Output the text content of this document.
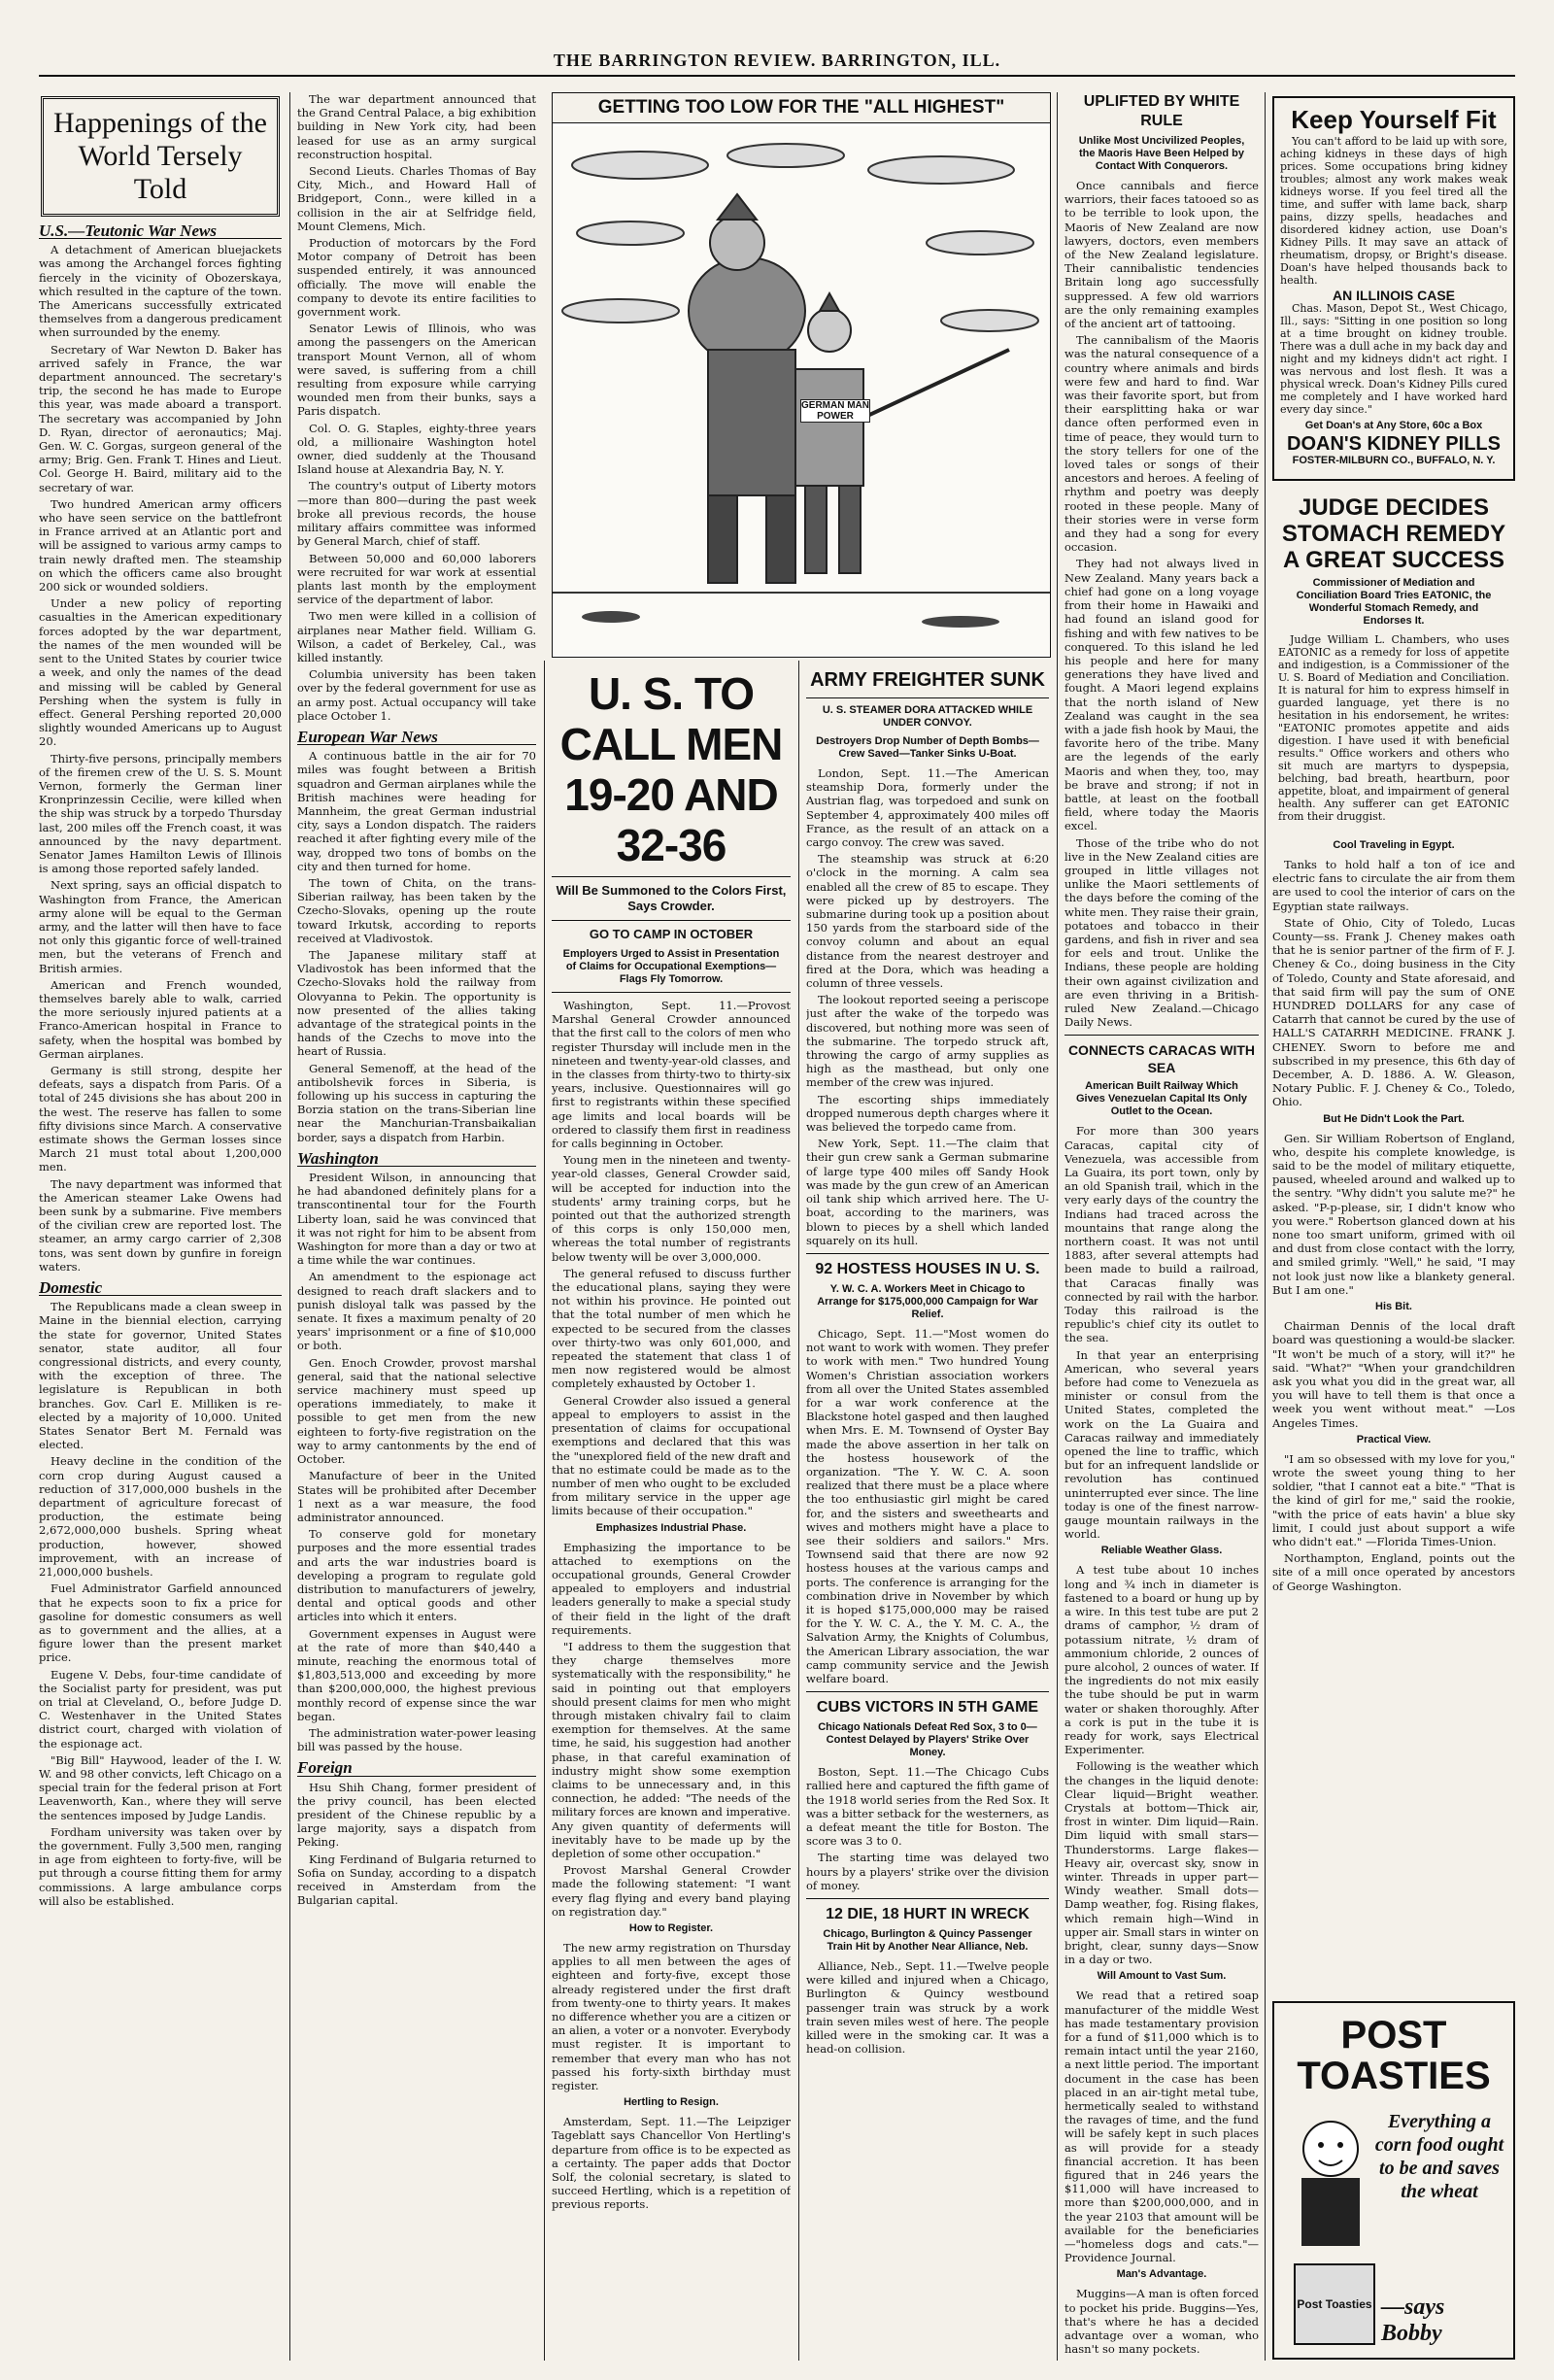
THE BARRINGTON REVIEW. BARRINGTON, ILL.
Happenings of the World Tersely Told
U.S.—Teutonic War News

A detachment of American bluejackets was among the Archangel forces fighting fiercely in the vicinity of Obozerskaya, which resulted in the capture of the town. The Americans successfully extricated themselves from a dangerous predicament when surrounded by the enemy.

Secretary of War Newton D. Baker has arrived safely in France, the war department announced. The secretary's trip, the second he has made to Europe this year, was made aboard a transport. The secretary was accompanied by John D. Ryan, director of aeronautics; Maj. Gen. W. C. Gorgas, surgeon general of the army; Brig. Gen. Frank T. Hines and Lieut. Col. George H. Baird, military aid to the secretary of war.

Two hundred American army officers who have seen service on the battlefront in France arrived at an Atlantic port and will be assigned to various army camps to train newly drafted men. The steamship on which the officers came also brought 200 sick or wounded soldiers.

Under a new policy of reporting casualties in the American expeditionary forces adopted by the war department, the names of the men wounded will be sent to the United States by courier twice a week, and only the names of the dead and missing will be cabled by General Pershing when the system is fully in effect. General Pershing reported 20,000 slightly wounded Americans up to August 20.

Thirty-five persons, principally members of the firemen crew of the U. S. S. Mount Vernon, formerly the German liner Kronprinzessin Cecilie, were killed when the ship was struck by a torpedo Thursday last, 200 miles off the French coast, it was announced by the navy department. Senator James Hamilton Lewis of Illinois is among those reported safely landed.

Next spring, says an official dispatch to Washington from France, the American army alone will be equal to the German army, and the latter will then have to face not only this gigantic force of well-trained men, but the veterans of French and British armies.

American and French wounded, themselves barely able to walk, carried the more seriously injured patients at a Franco-American hospital in France to safety, when the hospital was bombed by German airplanes.

Germany is still strong, despite her defeats, says a dispatch from Paris. Of a total of 245 divisions she has about 200 in the west. The reserve has fallen to some fifty divisions since March. A conservative estimate shows the German losses since March 21 must total about 1,200,000 men.

The navy department was informed that the American steamer Lake Owens had been sunk by a submarine. Five members of the civilian crew are reported lost. The steamer, an army cargo carrier of 2,308 tons, was sent down by gunfire in foreign waters.

Domestic

The Republicans made a clean sweep in Maine in the biennial election, carrying the state for governor, United States senator, state auditor, all four congressional districts, and every county, with the exception of three. The legislature is Republican in both branches. Gov. Carl E. Milliken is re-elected by a majority of 10,000. United States Senator Bert M. Fernald was elected.

Heavy decline in the condition of the corn crop during August caused a reduction of 317,000,000 bushels in the department of agriculture forecast of production, the estimate being 2,672,000,000 bushels. Spring wheat production, however, showed improvement, with an increase of 21,000,000 bushels.

Fuel Administrator Garfield announced that he expects soon to fix a price for gasoline for domestic consumers as well as to government and the allies, at a figure lower than the present market price.

Eugene V. Debs, four-time candidate of the Socialist party for president, was put on trial at Cleveland, O., before Judge D. C. Westenhaver in the United States district court, charged with violation of the espionage act.

"Big Bill" Haywood, leader of the I. W. W. and 98 other convicts, left Chicago on a special train for the federal prison at Fort Leavenworth, Kan., where they will serve the sentences imposed by Judge Landis.

Fordham university was taken over by the government. Fully 3,500 men, ranging in age from eighteen to forty-five, will be put through a course fitting them for army commissions. A large ambulance corps will also be established.

The war department announced that the Grand Central Palace, a big exhibition building in New York city, had been leased for use as an army surgical reconstruction hospital.

Second Lieuts. Charles Thomas of Bay City, Mich., and Howard Hall of Bridgeport, Conn., were killed in a collision in the air at Selfridge field, Mount Clemens, Mich.

Production of motorcars by the Ford Motor company of Detroit has been suspended entirely, it was announced officially. The move will enable the company to devote its entire facilities to government work.

Senator Lewis of Illinois, who was among the passengers on the American transport Mount Vernon, all of whom were saved, is suffering from a chill resulting from exposure while carrying wounded men from their bunks, says a Paris dispatch.

Col. O. G. Staples, eighty-three years old, a millionaire Washington hotel owner, died suddenly at the Thousand Island house at Alexandria Bay, N. Y.

The country's output of Liberty motors—more than 800—during the past week broke all previous records, the house military affairs committee was informed by General March, chief of staff.

Between 50,000 and 60,000 laborers were recruited for war work at essential plants last month by the employment service of the department of labor.

Two men were killed in a collision of airplanes near Mather field. William G. Wilson, a cadet of Berkeley, Cal., was killed instantly.

Columbia university has been taken over by the federal government for use as an army post. Actual occupancy will take place October 1.

European War News

A continuous battle in the air for 70 miles was fought between a British squadron and German airplanes while the British machines were heading for Mannheim, the great German industrial city, says a London dispatch. The raiders reached it after fighting every mile of the way, dropped two tons of bombs on the city and then turned for home.

The town of Chita, on the trans-Siberian railway, has been taken by the Czecho-Slovaks, opening up the route toward Irkutsk, according to reports received at Vladivostok.

The Japanese military staff at Vladivostok has been informed that the Czecho-Slovaks hold the railway from Olovyanna to Pekin. The opportunity is now presented of the allies taking advantage of the strategical points in the hands of the Czechs to move into the heart of Russia.

General Semenoff, at the head of the antibolshevik forces in Siberia, is following up his success in capturing the Borzia station on the trans-Siberian line near the Manchurian-Transbaikalian border, says a dispatch from Harbin.

Washington

President Wilson, in announcing that he had abandoned definitely plans for a transcontinental tour for the Fourth Liberty loan, said he was convinced that it was not right for him to be absent from Washington for more than a day or two at a time while the war continues.

An amendment to the espionage act designed to reach draft slackers and to punish disloyal talk was passed by the senate. It fixes a maximum penalty of 20 years' imprisonment or a fine of $10,000 or both.

Gen. Enoch Crowder, provost marshal general, said that the national selective service machinery must speed up operations immediately, to make it possible to get men from the new eighteen to forty-five registration on the way to army cantonments by the end of October.

Manufacture of beer in the United States will be prohibited after December 1 next as a war measure, the food administrator announced.

To conserve gold for monetary purposes and the more essential trades and arts the war industries board is developing a program to regulate gold distribution to manufacturers of jewelry, dental and optical goods and other articles into which it enters.

Government expenses in August were at the rate of more than $40,440 a minute, reaching the enormous total of $1,803,513,000 and exceeding by more than $200,000,000, the highest previous monthly record of expense since the war began.

The administration water-power leasing bill was passed by the house.

Foreign

Hsu Shih Chang, former president of the privy council, has been elected president of the Chinese republic by a large majority, says a dispatch from Peking.

King Ferdinand of Bulgaria returned to Sofia on Sunday, according to a dispatch received in Amsterdam from the Bulgarian capital.

GETTING TOO LOW FOR THE "ALL HIGHEST"
GERMAN MAN POWER
U. S. TO CALL MEN 19-20 AND 32-36
Will Be Summoned to the Colors First, Says Crowder.
GO TO CAMP IN OCTOBER
Employers Urged to Assist in Presentation of Claims for Occupational Exemptions—Flags Fly Tomorrow.

Washington, Sept. 11.—Provost Marshal General Crowder announced that the first call to the colors of men who register Thursday will include men in the nineteen and twenty-year-old classes, and in the classes from thirty-two to thirty-six years, inclusive. Questionnaires will go first to registrants within these specified age limits and local boards will be ordered to classify them first in readiness for calls beginning in October.

Young men in the nineteen and twenty-year-old classes, General Crowder said, will be accepted for induction into the students' army training corps, but he pointed out that the authorized strength of this corps is only 150,000 men, whereas the total number of registrants below twenty will be over 3,000,000.

The general refused to discuss further the educational plans, saying they were not within his province. He pointed out that the total number of men which he expected to be secured from the classes over thirty-two was only 601,000, and repeated the statement that class 1 of men now registered would be almost completely exhausted by October 1.

General Crowder also issued a general appeal to employers to assist in the presentation of claims for occupational exemptions and declared that this was the "unexplored field of the new draft and that no estimate could be made as to the number of men who ought to be excluded from military service in the upper age limits because of their occupation."

Emphasizes Industrial Phase.

Emphasizing the importance to be attached to exemptions on the occupational grounds, General Crowder appealed to employers and industrial leaders generally to make a special study of their field in the light of the draft requirements.

"I address to them the suggestion that they charge themselves more systematically with the responsibility," he said in pointing out that employers should present claims for men who might through mistaken chivalry fail to claim exemption for themselves. At the same time, he said, his suggestion had another phase, in that careful examination of industry might show some exemption claims to be unnecessary and, in this connection, he added: "The needs of the military forces are known and imperative. Any given quantity of deferments will inevitably have to be made up by the depletion of some other occupation."

Provost Marshal General Crowder made the following statement: "I want every flag flying and every band playing on registration day."

How to Register.

The new army registration on Thursday applies to all men between the ages of eighteen and forty-five, except those already registered under the first draft from twenty-one to thirty years. It makes no difference whether you are a citizen or an alien, a voter or a nonvoter. Everybody must register. It is important to remember that every man who has not passed his forty-sixth birthday must register.

Hertling to Resign.

Amsterdam, Sept. 11.—The Leipziger Tageblatt says Chancellor Von Hertling's departure from office is to be expected as a certainty. The paper adds that Doctor Solf, the colonial secretary, is slated to succeed Hertling, which is a repetition of previous reports.

ARMY FREIGHTER SUNK
U. S. STEAMER DORA ATTACKED WHILE UNDER CONVOY.
Destroyers Drop Number of Depth Bombs—Crew Saved—Tanker Sinks U-Boat.

London, Sept. 11.—The American steamship Dora, formerly under the Austrian flag, was torpedoed and sunk on September 4, approximately 400 miles off France, as the result of an attack on a cargo convoy. The crew was saved.

The steamship was struck at 6:20 o'clock in the morning. A calm sea enabled all the crew of 85 to escape. They were picked up by destroyers. The submarine during took up a position about 150 yards from the starboard side of the convoy column and about an equal distance from the nearest destroyer and fired at the Dora, which was heading a column of three vessels.

The lookout reported seeing a periscope just after the wake of the torpedo was discovered, but nothing more was seen of the submarine. The torpedo struck aft, throwing the cargo of army supplies as high as the masthead, but only one member of the crew was injured.

The escorting ships immediately dropped numerous depth charges where it was believed the torpedo came from.

New York, Sept. 11.—The claim that their gun crew sank a German submarine of large type 400 miles off Sandy Hook was made by the gun crew of an American oil tank ship which arrived here. The U-boat, according to the mariners, was blown to pieces by a shell which landed squarely on its hull.

92 HOSTESS HOUSES IN U. S.
Y. W. C. A. Workers Meet in Chicago to Arrange for $175,000,000 Campaign for War Relief.

Chicago, Sept. 11.—"Most women do not want to work with women. They prefer to work with men." Two hundred Young Women's Christian association workers from all over the United States assembled for a war work conference at the Blackstone hotel gasped and then laughed when Mrs. E. M. Townsend of Oyster Bay made the above assertion in her talk on the hostess housework of the organization. "The Y. W. C. A. soon realized that there must be a place where the too enthusiastic girl might be cared for, and the sisters and sweethearts and wives and mothers might have a place to see their soldiers and sailors." Mrs. Townsend said that there are now 92 hostess houses at the various camps and ports. The conference is arranging for the combination drive in November by which it is hoped $175,000,000 may be raised for the Y. W. C. A., the Y. M. C. A., the Salvation Army, the Knights of Columbus, the American Library association, the war camp community service and the Jewish welfare board.

CUBS VICTORS IN 5TH GAME
Chicago Nationals Defeat Red Sox, 3 to 0—Contest Delayed by Players' Strike Over Money.

Boston, Sept. 11.—The Chicago Cubs rallied here and captured the fifth game of the 1918 world series from the Red Sox. It was a bitter setback for the westerners, as a defeat meant the title for Boston. The score was 3 to 0.

The starting time was delayed two hours by a players' strike over the division of money.

12 DIE, 18 HURT IN WRECK
Chicago, Burlington & Quincy Passenger Train Hit by Another Near Alliance, Neb.

Alliance, Neb., Sept. 11.—Twelve people were killed and injured when a Chicago, Burlington & Quincy westbound passenger train was struck by a work train seven miles west of here. The people killed were in the smoking car. It was a head-on collision.

UPLIFTED BY WHITE RULE
Unlike Most Uncivilized Peoples, the Maoris Have Been Helped by Contact With Conquerors.

Once cannibals and fierce warriors, their faces tatooed so as to be terrible to look upon, the Maoris of New Zealand are now lawyers, doctors, even members of the New Zealand legislature. Their cannibalistic tendencies Britain long ago successfully suppressed. A few old warriors are the only remaining examples of the ancient art of tattooing.

The cannibalism of the Maoris was the natural consequence of a country where animals and birds were few and hard to find. War was their favorite sport, but from their earsplitting haka or war dance often performed even in time of peace, they would turn to the story tellers for one of the loved tales or songs of their ancestors and heroes. A feeling of rhythm and poetry was deeply rooted in these people. Many of their stories were in verse form and they had a song for every occasion.

They had not always lived in New Zealand. Many years back a chief had gone on a long voyage from their home in Hawaiki and had found an island good for fishing and with few natives to be conquered. To this island he led his people and here for many generations they have lived and fought. A Maori legend explains that the north island of New Zealand was caught in the sea with a jade fish hook by Maui, the favorite hero of the tribe. Many are the legends of the early Maoris and when they, too, may be brave and strong; if not in battle, at least on the football field, where today the Maoris excel.

Those of the tribe who do not live in the New Zealand cities are grouped in little villages not unlike the Maori settlements of the days before the coming of the white men. They raise their grain, potatoes and tobacco in their gardens, and fish in river and sea for eels and trout. Unlike the Indians, these people are holding their own against civilization and are even thriving in a British-ruled New Zealand.—Chicago Daily News.

CONNECTS CARACAS WITH SEA
American Built Railway Which Gives Venezuelan Capital Its Only Outlet to the Ocean.

For more than 300 years Caracas, capital city of Venezuela, was accessible from La Guaira, its port town, only by an old Spanish trail, which in the very early days of the country the Indians had traced across the mountains that range along the northern coast. It was not until 1883, after several attempts had been made to build a railroad, that Caracas finally was connected by rail with the harbor. Today this railroad is the republic's chief city its outlet to the sea.

In that year an enterprising American, who several years before had come to Venezuela as minister or consul from the United States, completed the work on the La Guaira and Caracas railway and immediately opened the line to traffic, which but for an infrequent landslide or revolution has continued uninterrupted ever since. The line today is one of the finest narrow-gauge mountain railways in the world.

Reliable Weather Glass.

A test tube about 10 inches long and ¾ inch in diameter is fastened to a board or hung up by a wire. In this test tube are put 2 drams of camphor, ½ dram of potassium nitrate, ½ dram of ammonium chloride, 2 ounces of pure alcohol, 2 ounces of water. If the ingredients do not mix easily the tube should be put in warm water or shaken thoroughly. After a cork is put in the tube it is ready for work, says Electrical Experimenter.

Following is the weather which the changes in the liquid denote: Clear liquid—Bright weather. Crystals at bottom—Thick air, frost in winter. Dim liquid—Rain. Dim liquid with small stars—Thunderstorms. Large flakes—Heavy air, overcast sky, snow in winter. Threads in upper part—Windy weather. Small dots—Damp weather, fog. Rising flakes, which remain high—Wind in upper air. Small stars in winter on bright, clear, sunny days—Snow in a day or two.

Will Amount to Vast Sum.

We read that a retired soap manufacturer of the middle West has made testamentary provision for a fund of $11,000 which is to remain intact until the year 2160, a next little period. The important document in the case has been placed in an air-tight metal tube, hermetically sealed to withstand the ravages of time, and the fund will be safely kept in such places as will provide for a steady financial accretion. It has been figured that in 246 years the $11,000 will have increased to more than $200,000,000, and in the year 2103 that amount will be available for the beneficiaries—"homeless dogs and cats."—Providence Journal.

Man's Advantage.

Muggins—A man is often forced to pocket his pride. Buggins—Yes, that's where he has a decided advantage over a woman, who hasn't so many pockets.

Keep Yourself Fit

You can't afford to be laid up with sore, aching kidneys in these days of high prices. Some occupations bring kidney troubles; almost any work makes weak kidneys worse. If you feel tired all the time, and suffer with lame back, sharp pains, dizzy spells, headaches and disordered kidney action, use Doan's Kidney Pills. It may save an attack of rheumatism, dropsy, or Bright's disease. Doan's have helped thousands back to health.

AN ILLINOIS CASE

Chas. Mason, Depot St., West Chicago, Ill., says: "Sitting in one position so long at a time brought on kidney trouble. There was a dull ache in my back day and night and my kidneys didn't act right. I was nervous and lost flesh. It was a physical wreck. Doan's Kidney Pills cured me completely and I have worked hard every day since."

Get Doan's at Any Store, 60c a Box
DOAN'S KIDNEY PILLS
FOSTER-MILBURN CO., BUFFALO, N. Y.
JUDGE DECIDES STOMACH REMEDY A GREAT SUCCESS
Commissioner of Mediation and Conciliation Board Tries EATONIC, the Wonderful Stomach Remedy, and Endorses It.

Judge William L. Chambers, who uses EATONIC as a remedy for loss of appetite and indigestion, is a Commissioner of the U. S. Board of Mediation and Conciliation. It is natural for him to express himself in guarded language, yet there is no hesitation in his endorsement, he writes: "EATONIC promotes appetite and aids digestion. I have used it with beneficial results." Office workers and others who sit much are martyrs to dyspepsia, belching, bad breath, heartburn, poor appetite, bloat, and impairment of general health. Any sufferer can get EATONIC from their druggist.

Cool Traveling in Egypt.

Tanks to hold half a ton of ice and electric fans to circulate the air from them are used to cool the interior of cars on the Egyptian state railways.

State of Ohio, City of Toledo, Lucas County—ss. Frank J. Cheney makes oath that he is senior partner of the firm of F. J. Cheney & Co., doing business in the City of Toledo, County and State aforesaid, and that said firm will pay the sum of ONE HUNDRED DOLLARS for any case of Catarrh that cannot be cured by the use of HALL'S CATARRH MEDICINE. FRANK J. CHENEY. Sworn to before me and subscribed in my presence, this 6th day of December, A. D. 1886. A. W. Gleason, Notary Public. F. J. Cheney & Co., Toledo, Ohio.

But He Didn't Look the Part.

Gen. Sir William Robertson of England, who, despite his complete knowledge, is said to be the model of military etiquette, paused, wheeled around and walked up to the sentry. "Why didn't you salute me?" he asked. "P-p-please, sir, I didn't know who you were." Robertson glanced down at his none too smart uniform, grimed with oil and dust from close contact with the lorry, and smiled grimly. "Well," he said, "I may not look just now like a blankety general. But I am one."

His Bit.

Chairman Dennis of the local draft board was questioning a would-be slacker. "It won't be much of a story, will it?" he said. "What?" "When your grandchildren ask you what you did in the great war, all you will have to tell them is that once a week you went without meat." —Los Angeles Times.

Practical View.

"I am so obsessed with my love for you," wrote the sweet young thing to her soldier, "that I cannot eat a bite." "That is the kind of girl for me," said the rookie, "with the price of eats havin' a blue sky limit, I could just about support a wife who didn't eat." —Florida Times-Union.

Northampton, England, points out the site of a mill once operated by ancestors of George Washington.

POST TOASTIES
Everything a corn food ought to be and saves the wheat
Post Toasties —says Bobby
